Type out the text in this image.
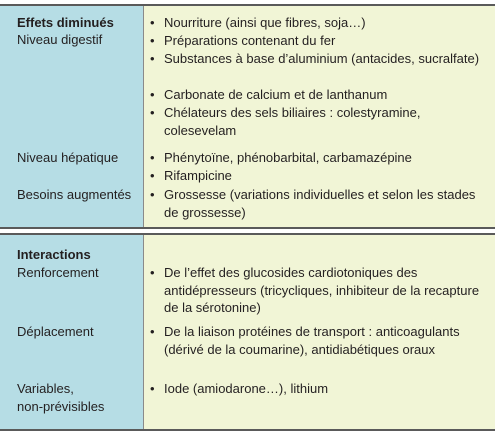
Effets diminués
Niveau digestif
Niveau hépatique
Besoins augmentés
• Nourriture (ainsi que fibres, soja…)
• Préparations contenant du fer
• Substances à base d’aluminium (antacides, sucralfate)
• Carbonate de calcium et de lanthanum
• Chélateurs des sels biliaires : colestyramine, colesevelam
• Phénytoïne, phénobarbital, carbamazépine
• Rifampicine
• Grossesse (variations individuelles et selon les stades de grossesse)
Interactions
Renforcement
Déplacement
Variables,
non-prévisibles
• De l’effet des glucosides cardiotoniques des antidépresseurs (tricycliques, inhibiteur de la recapture de la sérotonine)
• De la liaison protéines de transport : anticoagulants (dérivé de la coumarine), antidiabétiques oraux
• Iode (amiodarone…), lithium
